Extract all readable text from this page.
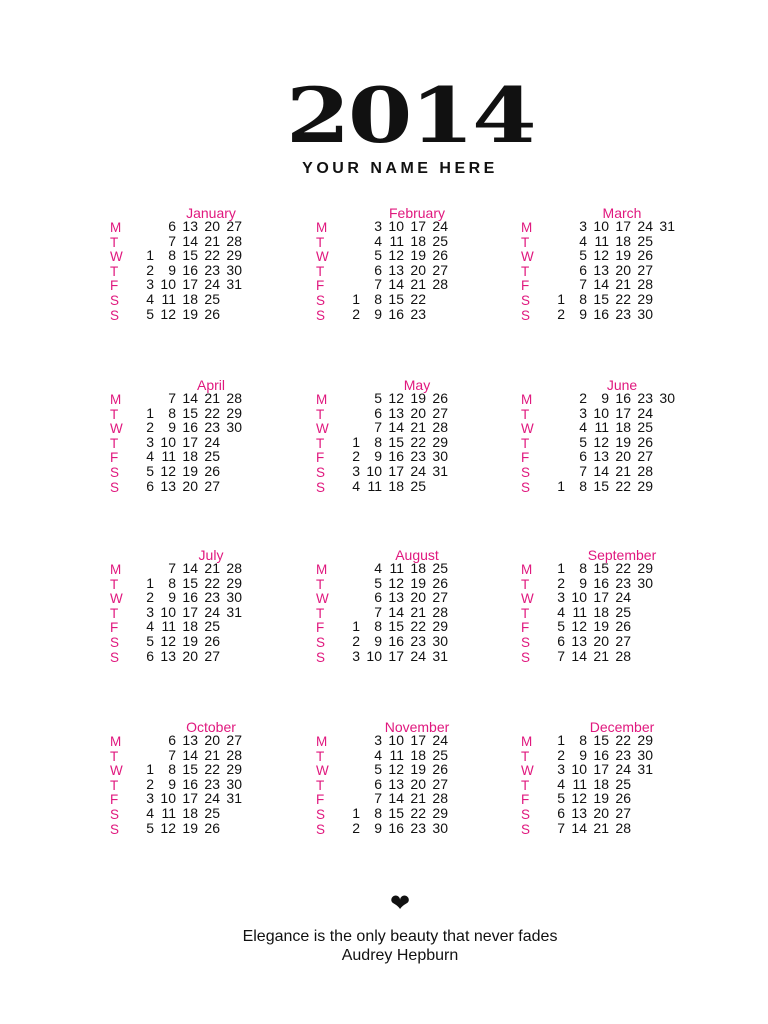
2014
YOUR NAME HERE
January
M
T
W
T
F
S
S
1
2
3
4
5
6
7
8
9
10
11
12
13
14
15
16
17
18
19
20
21
22
23
24
25
26
27
28
29
30
31
February
M
T
W
T
F
S
S
1
2
3
4
5
6
7
8
9
10
11
12
13
14
15
16
17
18
19
20
21
22
23
24
25
26
27
28
March
M
T
W
T
F
S
S
1
2
3
4
5
6
7
8
9
10
11
12
13
14
15
16
17
18
19
20
21
22
23
24
25
26
27
28
29
30
31
April
M
T
W
T
F
S
S
1
2
3
4
5
6
7
8
9
10
11
12
13
14
15
16
17
18
19
20
21
22
23
24
25
26
27
28
29
30
May
M
T
W
T
F
S
S
1
2
3
4
5
6
7
8
9
10
11
12
13
14
15
16
17
18
19
20
21
22
23
24
25
26
27
28
29
30
31
June
M
T
W
T
F
S
S	1
2
3
4
5
6
7
8
9
10
11
12
13
14
15
16
17
18
19
20
21
22
23
24
25
26
27
28
29
30
July
M
T
W
T
F
S
S
1
2
3
4
5
6
7
8
9
10
11
12
13
14
15
16
17
18
19
20
21
22
23
24
25
26
27
28
29
30
31
August
M
T
W
T
F
S
S
1
2
3
4
5
6
7
8
9
10
11
12
13
14
15
16
17
18
19
20
21
22
23
24
25
26
27
28
29
30
31
September
M
T
W
T
F
S
S
1
2
3
4
5
6
7
8
9
10
11
12
13
14
15
16
17
18
19
20
21
22
23
24
25
26
27
28
29
30
October
M
T
W
T
F
S
S
1
2
3
4
5
6
7
8
9
10
11
12
13
14
15
16
17
18
19
20
21
22
23
24
25
26
27
28
29
30
31
November
M
T
W
T
F
S
S
1
2
3
4
5
6
7
8
9
10
11
12
13
14
15
16
17
18
19
20
21
22
23
24
25
26
27
28
29
30
December
M
T
W
T
F
S
S
1
2
3
4
5
6
7
8
9
10
11
12
13
14
15
16
17
18
19
20
21
22
23
24
25
26
27
28
29
30
31
❤
Elegance is the only beauty that never fades
Audrey Hepburn
